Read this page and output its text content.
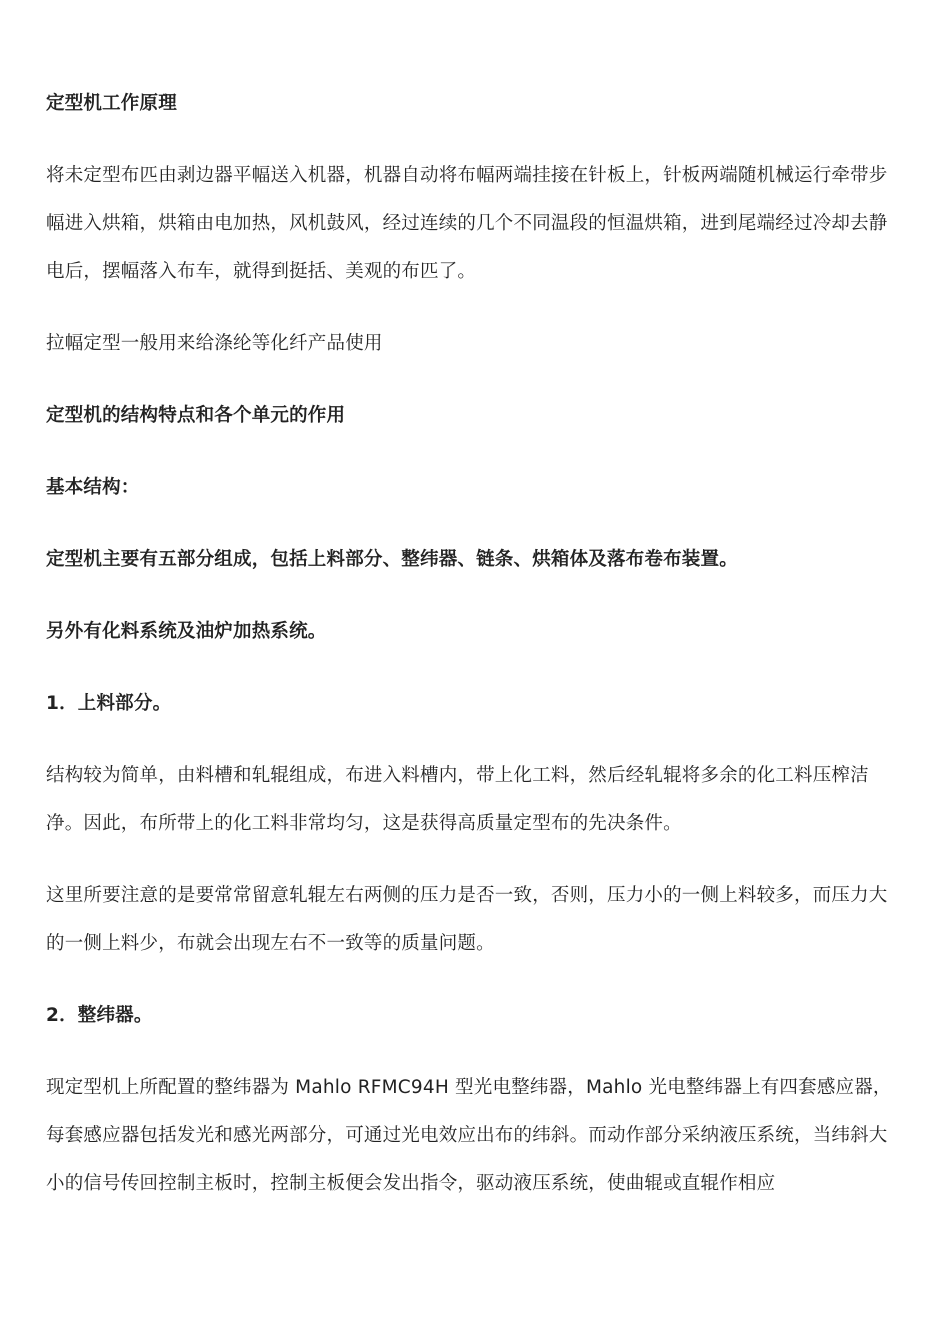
定型机工作原理

将未定型布匹由剥边器平幅送入机器，机器自动将布幅两端挂接在针板上，针板两端随机械运行牵带步幅进入烘箱，烘箱由电加热，风机鼓风，经过连续的几个不同温段的恒温烘箱，进到尾端经过冷却去静电后，摆幅落入布车，就得到挺括、美观的布匹了。

拉幅定型一般用来给涤纶等化纤产品使用

定型机的结构特点和各个单元的作用

基本结构：

定型机主要有五部分组成，包括上料部分、整纬器、链条、烘箱体及落布卷布装置。

另外有化料系统及油炉加热系统。

1．上料部分。

结构较为简单，由料槽和轧辊组成，布进入料槽内，带上化工料，然后经轧辊将多余的化工料压榨洁净。因此，布所带上的化工料非常均匀，这是获得高质量定型布的先决条件。

这里所要注意的是要常常留意轧辊左右两侧的压力是否一致，否则，压力小的一侧上料较多，而压力大的一侧上料少，布就会出现左右不一致等的质量问题。

2．整纬器。

现定型机上所配置的整纬器为 Mahlo RFMC94H 型光电整纬器，Mahlo 光电整纬器上有四套感应器，每套感应器包括发光和感光两部分，可通过光电效应出布的纬斜。而动作部分采纳液压系统，当纬斜大小的信号传回控制主板时，控制主板便会发出指令，驱动液压系统，使曲辊或直辊作相应
